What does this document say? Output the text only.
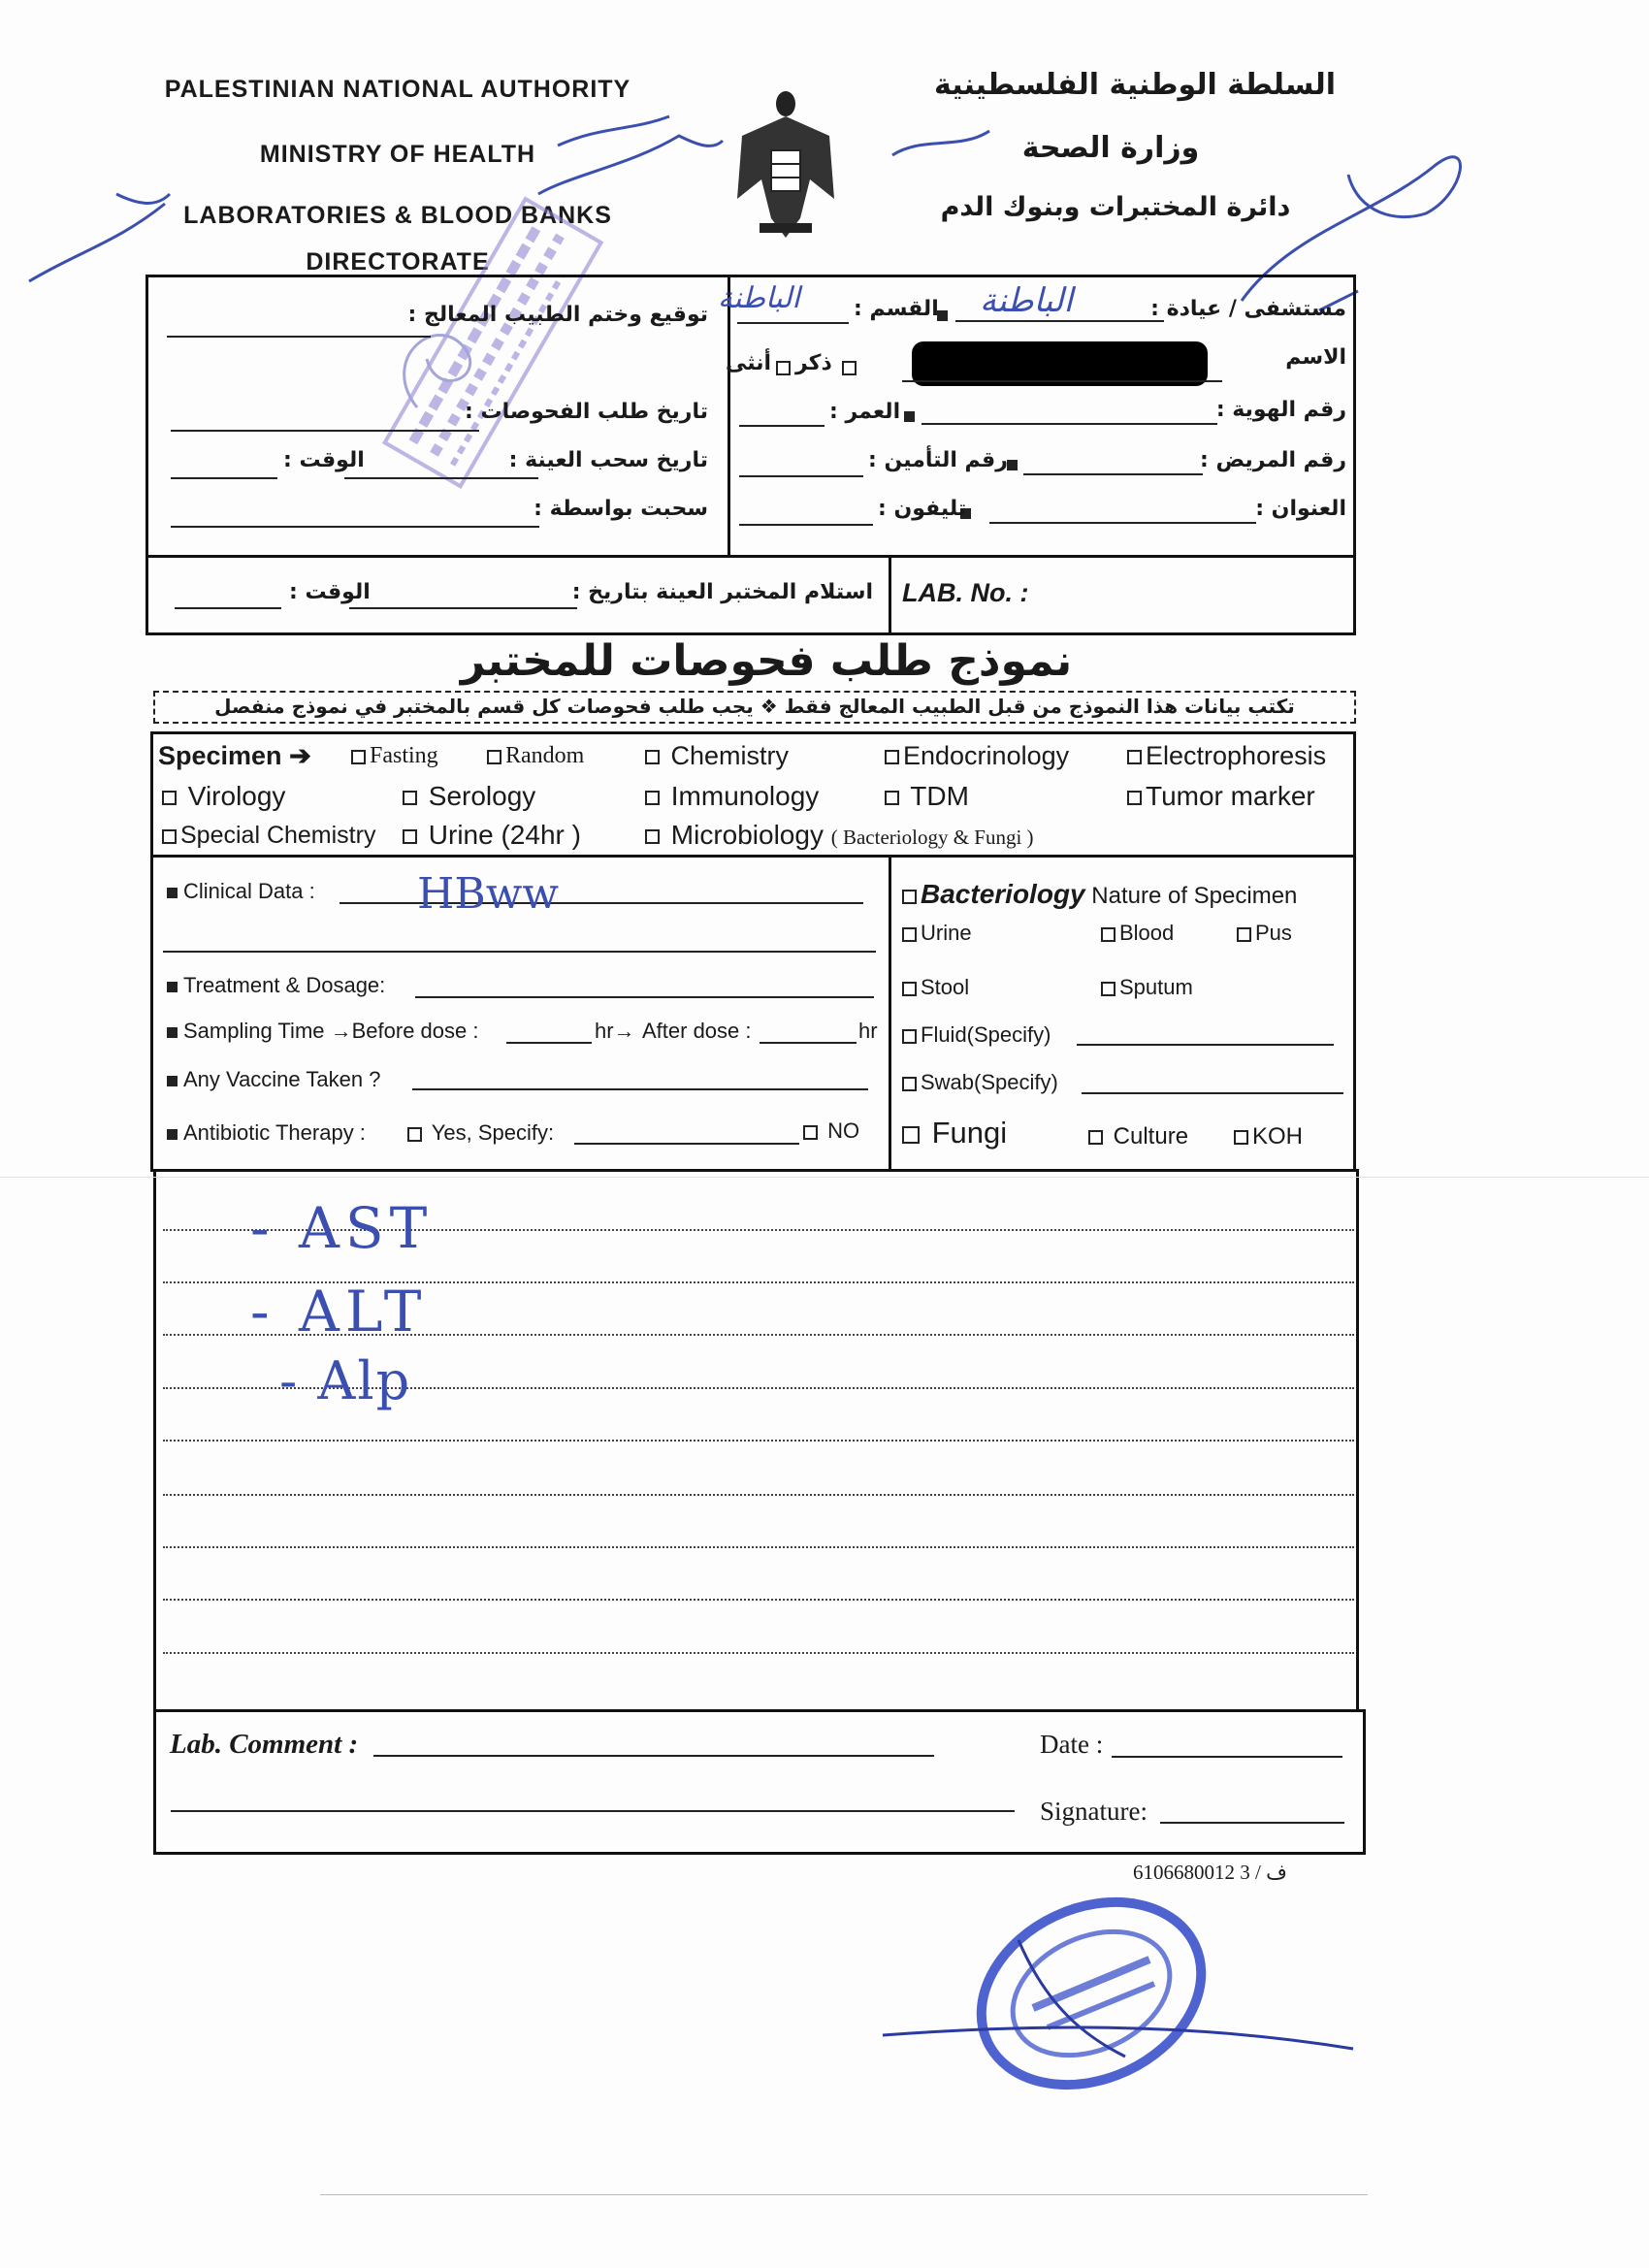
PALESTINIAN NATIONAL AUTHORITY
MINISTRY OF HEALTH
LABORATORIES & BLOOD BANKS
DIRECTORATE
السلطة الوطنية الفلسطينية
وزارة الصحة
دائرة المختبرات وبنوك الدم
مستشفى / عيادة :
الباطنة
القسم :
الباطنة
الاسم
ذكر
أنثى
رقم الهوية :
العمر :
رقم المريض :
رقم التأمين :
العنوان :
تليفون :
توقيع وختم الطبيب المعالج :
تاريخ طلب الفحوصات :
تاريخ سحب العينة :
الوقت :
سحبت بواسطة :
LAB. No. :
استلام المختبر العينة بتاريخ :
الوقت :
نموذج طلب فحوصات للمختبر
تكتب بيانات هذا النموذج من قبل الطبيب المعالج فقط ❖ يجب طلب فحوصات كل قسم بالمختبر في نموذج منفصل
Specimen ➔	Fasting	Random	Chemistry	Endocrinology	Electrophoresis
Virology	Serology	Immunology	TDM	Tumor marker
Special Chemistry	Urine (24hr )	Microbiology ( Bacteriology & Fungi )
Clinical Data : HBww
Treatment & Dosage:
Sampling Time →Before dose :	hr→ After dose :	hr
Any Vaccine Taken ?
Antibiotic Therapy :	Yes, Specify:	NO
Bacteriology Nature of Specimen
Urine	Blood	Pus
Stool	Sputum
Fluid(Specify)
Swab(Specify)
Fungi	Culture	KOH
- AST
- ALT
- Alp
Lab. Comment :	Date :
Signature:
6106680012 ف / 3
